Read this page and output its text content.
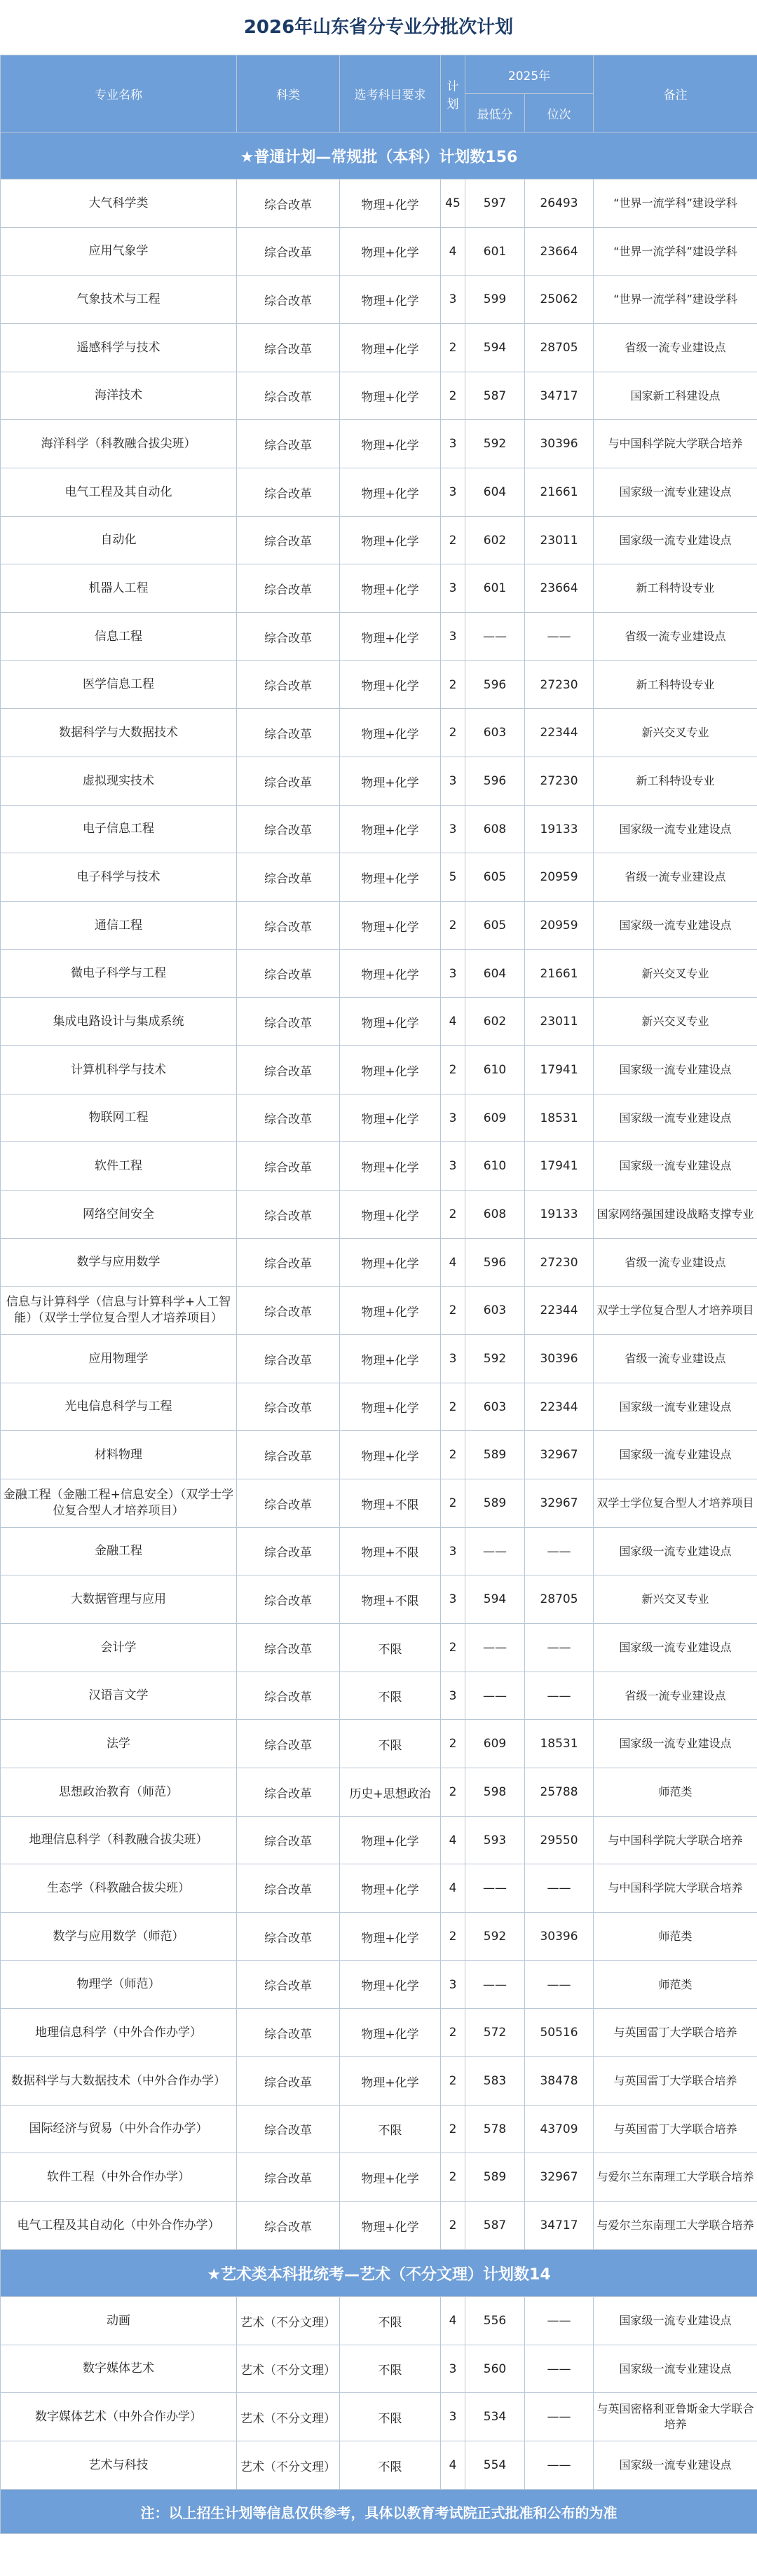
2026年山东省分专业分批次计划
专业名称	科类	选考科目要求	计划	2025年		备注
				最低分	位次	
★普通计划—常规批（本科）计划数156						
大气科学类	综合改革	物理+化学	45	597	26493	“世界一流学科”建设学科
应用气象学	综合改革	物理+化学	4	601	23664	“世界一流学科”建设学科
气象技术与工程	综合改革	物理+化学	3	599	25062	“世界一流学科”建设学科
遥感科学与技术	综合改革	物理+化学	2	594	28705	省级一流专业建设点
海洋技术	综合改革	物理+化学	2	587	34717	国家新工科建设点
海洋科学（科教融合拔尖班）	综合改革	物理+化学	3	592	30396	与中国科学院大学联合培养
电气工程及其自动化	综合改革	物理+化学	3	604	21661	国家级一流专业建设点
自动化	综合改革	物理+化学	2	602	23011	国家级一流专业建设点
机器人工程	综合改革	物理+化学	3	601	23664	新工科特设专业
信息工程	综合改革	物理+化学	3	——	——	省级一流专业建设点
医学信息工程	综合改革	物理+化学	2	596	27230	新工科特设专业
数据科学与大数据技术	综合改革	物理+化学	2	603	22344	新兴交叉专业
虚拟现实技术	综合改革	物理+化学	3	596	27230	新工科特设专业
电子信息工程	综合改革	物理+化学	3	608	19133	国家级一流专业建设点
电子科学与技术	综合改革	物理+化学	5	605	20959	省级一流专业建设点
通信工程	综合改革	物理+化学	2	605	20959	国家级一流专业建设点
微电子科学与工程	综合改革	物理+化学	3	604	21661	新兴交叉专业
集成电路设计与集成系统	综合改革	物理+化学	4	602	23011	新兴交叉专业
计算机科学与技术	综合改革	物理+化学	2	610	17941	国家级一流专业建设点
物联网工程	综合改革	物理+化学	3	609	18531	国家级一流专业建设点
软件工程	综合改革	物理+化学	3	610	17941	国家级一流专业建设点
网络空间安全	综合改革	物理+化学	2	608	19133	国家网络强国建设战略支撑专业
数学与应用数学	综合改革	物理+化学	4	596	27230	省级一流专业建设点
信息与计算科学（信息与计算科学+人工智能）（双学士学位复合型人才培养项目）	综合改革	物理+化学	2	603	22344	双学士学位复合型人才培养项目
应用物理学	综合改革	物理+化学	3	592	30396	省级一流专业建设点
光电信息科学与工程	综合改革	物理+化学	2	603	22344	国家级一流专业建设点
材料物理	综合改革	物理+化学	2	589	32967	国家级一流专业建设点
金融工程（金融工程+信息安全）（双学士学位复合型人才培养项目）	综合改革	物理+不限	2	589	32967	双学士学位复合型人才培养项目
金融工程	综合改革	物理+不限	3	——	——	国家级一流专业建设点
大数据管理与应用	综合改革	物理+不限	3	594	28705	新兴交叉专业
会计学	综合改革	不限	2	——	——	国家级一流专业建设点
汉语言文学	综合改革	不限	3	——	——	省级一流专业建设点
法学	综合改革	不限	2	609	18531	国家级一流专业建设点
思想政治教育（师范）	综合改革	历史+思想政治	2	598	25788	师范类
地理信息科学（科教融合拔尖班）	综合改革	物理+化学	4	593	29550	与中国科学院大学联合培养
生态学（科教融合拔尖班）	综合改革	物理+化学	4	——	——	与中国科学院大学联合培养
数学与应用数学（师范）	综合改革	物理+化学	2	592	30396	师范类
物理学（师范）	综合改革	物理+化学	3	——	——	师范类
地理信息科学（中外合作办学）	综合改革	物理+化学	2	572	50516	与英国雷丁大学联合培养
数据科学与大数据技术（中外合作办学）	综合改革	物理+化学	2	583	38478	与英国雷丁大学联合培养
国际经济与贸易（中外合作办学）	综合改革	不限	2	578	43709	与英国雷丁大学联合培养
软件工程（中外合作办学）	综合改革	物理+化学	2	589	32967	与爱尔兰东南理工大学联合培养
电气工程及其自动化（中外合作办学）	综合改革	物理+化学	2	587	34717	与爱尔兰东南理工大学联合培养
★艺术类本科批统考—艺术（不分文理）计划数14						
动画	艺术（不分文理）	不限	4	556	——	国家级一流专业建设点
数字媒体艺术	艺术（不分文理）	不限	3	560	——	国家级一流专业建设点
数字媒体艺术（中外合作办学）	艺术（不分文理）	不限	3	534	——	与英国密格利亚鲁斯金大学联合培养
艺术与科技	艺术（不分文理）	不限	4	554	——	国家级一流专业建设点
注：以上招生计划等信息仅供参考，具体以教育考试院正式批准和公布的为准						
